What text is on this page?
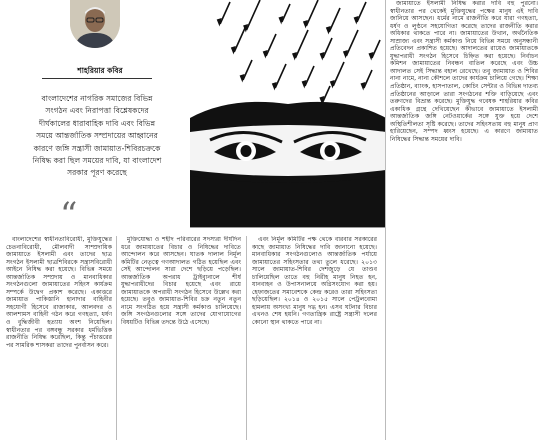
শাহরিয়ার কবির
বাংলাদেশের নাগরিক সমাজের বিভিন্ন সংগঠন এবং নিরাপত্তা বিশ্লেষকদের দীর্ঘকালের ধারাবাহিক দাবি এবং বিভিন্ন সময়ে আন্তর্জাতিক সম্প্রদায়ের আহ্বানের কারণে জঙ্গি সন্ত্রাসী জামায়াত-শিবিরচক্রকে নিষিদ্ধ করা ছিল সময়ের দাবি, যা বাংলাদেশ সরকার পূরণ করেছে
“

জামায়াতে ইসলামী নিষিদ্ধ করার দাবি বহু পুরনো। স্বাধীনতার পর থেকেই মুক্তিযুদ্ধের পক্ষের মানুষ এই দাবি জানিয়ে আসছেন। ধর্মের নামে রাজনীতি করে যারা গণহত্যা, ধর্ষণ ও লুণ্ঠনে সহযোগিতা করেছে তাদের রাজনীতি করার অধিকার থাকতে পারে না। জামায়াতের উত্থান, অর্থনৈতিক সাম্রাজ্য এবং সন্ত্রাসী কর্মকাণ্ড নিয়ে বিভিন্ন সময়ে অনুসন্ধানী প্রতিবেদন প্রকাশিত হয়েছে। আদালতের রায়েও জামায়াতকে যুদ্ধাপরাধী সংগঠন হিসেবে চিহ্নিত করা হয়েছে। নির্বাচন কমিশন জামায়াতের নিবন্ধন বাতিল করেছে এবং উচ্চ আদালত সেই সিদ্ধান্ত বহাল রেখেছে। তবু জামায়াত ও শিবির নানা নামে, নানা কৌশলে তাদের কার্যক্রম চালিয়ে গেছে। শিক্ষা প্রতিষ্ঠান, ব্যাংক, হাসপাতাল, কোচিং সেন্টার ও বিভিন্ন দাতব্য প্রতিষ্ঠানের আড়ালে তারা সংগঠনের শক্তি বাড়িয়েছে এবং তরুণদের বিভ্রান্ত করেছে। মুক্তিযুদ্ধ গবেষক শাহরিয়ার কবির একাধিক গ্রন্থে দেখিয়েছেন কীভাবে জামায়াতে ইসলামী আন্তর্জাতিক জঙ্গি নেটওয়ার্কের সঙ্গে যুক্ত হয়ে দেশে অস্থিতিশীলতা সৃষ্টি করেছে। তাদের সহিংসতায় বহু মানুষ প্রাণ হারিয়েছেন, সম্পদ ধ্বংস হয়েছে। এ কারণে জামায়াত নিষিদ্ধের সিদ্ধান্ত সময়ের দাবি।

বাংলাদেশের স্বাধীনতাবিরোধী, মুক্তিযুদ্ধের চেতনাবিরোধী, মৌলবাদী সাম্প্রদায়িক জামায়াতে ইসলামী এবং তাদের ছাত্র সংগঠন ইসলামী ছাত্রশিবিরকে সন্ত্রাসবিরোধী আইনে নিষিদ্ধ করা হয়েছে। বিভিন্ন সময়ে আন্তর্জাতিক সম্প্রদায় ও মানবাধিকার সংগঠনগুলো জামায়াতের সহিংস কার্যক্রম সম্পর্কে উদ্বেগ প্রকাশ করেছে। একাত্তরে জামায়াত পাকিস্তানি হানাদার বাহিনীর সহযোগী হিসেবে রাজাকার, আলবদর ও আলশামস বাহিনী গঠন করে গণহত্যা, ধর্ষণ ও বুদ্ধিজীবী হত্যায় অংশ নিয়েছিল। স্বাধীনতার পর বঙ্গবন্ধু সরকার ধর্মভিত্তিক রাজনীতি নিষিদ্ধ করেছিল, কিন্তু পঁচাত্তরের পর সামরিক শাসকরা তাদের পুনর্বাসন করে।

মুক্তিযোদ্ধা ও শহীদ পরিবারের সদস্যরা দীর্ঘদিন ধরে জামায়াতের বিচার ও নিষিদ্ধের দাবিতে আন্দোলন করে আসছেন। ঘাতক দালাল নির্মূল কমিটির নেতৃত্বে গণআদালত গঠিত হয়েছিল এবং সেই আন্দোলন সারা দেশে ছড়িয়ে পড়েছিল। আন্তর্জাতিক অপরাধ ট্রাইব্যুনালে শীর্ষ যুদ্ধাপরাধীদের বিচার হয়েছে এবং রায়ে জামায়াতকে অপরাধী সংগঠন হিসেবে উল্লেখ করা হয়েছে। তবুও জামায়াত-শিবির চক্র নতুন নতুন নামে সংগঠিত হয়ে সন্ত্রাসী কর্মকাণ্ড চালিয়েছে। জঙ্গি সংগঠনগুলোর সঙ্গে তাদের যোগাযোগের বিষয়টিও বিভিন্ন তদন্তে উঠে এসেছে।

এবং নির্মূল কমিটির পক্ষ থেকে বারবার সরকারের কাছে জামায়াত নিষিদ্ধের দাবি জানানো হয়েছে। মানবাধিকার সংগঠনগুলোও আন্তর্জাতিক পর্যায়ে জামায়াতের সহিংসতার তথ্য তুলে ধরেছে। ২০১৩ সালে জামায়াত-শিবির দেশজুড়ে যে তাণ্ডব চালিয়েছিল তাতে বহু নিরীহ মানুষ নিহত হন, যানবাহন ও উপাসনালয়ে অগ্নিসংযোগ করা হয়। হেফাজতের সমাবেশকে কেন্দ্র করেও তারা সহিংসতা ছড়িয়েছিল। ২০১৪ ও ২০১৫ সালে পেট্রলবোমা হামলায় অসংখ্য মানুষ দগ্ধ হন। এসব ঘটনার বিচার এখনও শেষ হয়নি। গণতান্ত্রিক রাষ্ট্রে সন্ত্রাসী দলের কোনো স্থান থাকতে পারে না।
